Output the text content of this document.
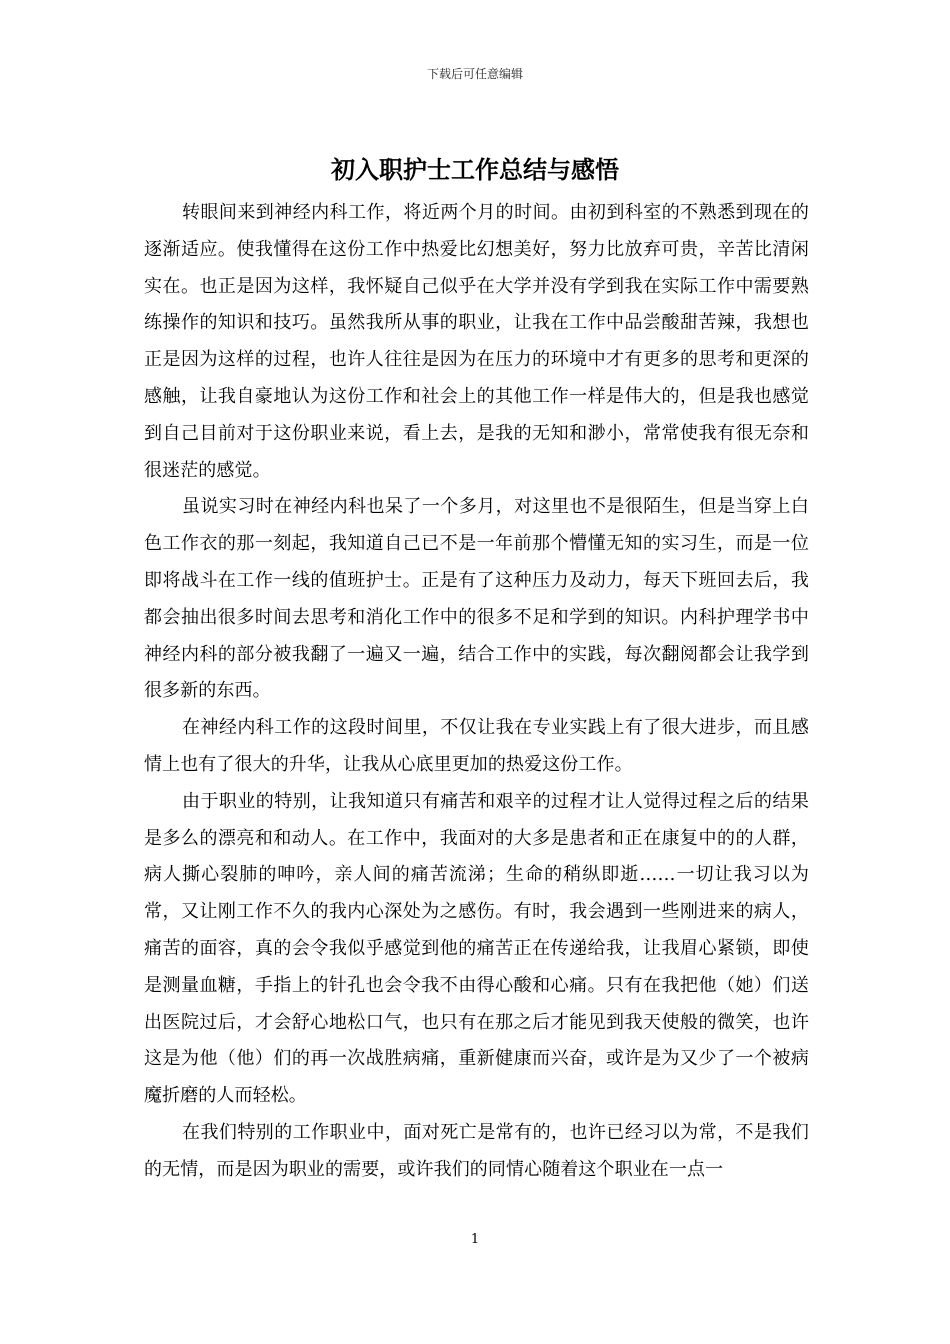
下载后可任意编辑
初入职护士工作总结与感悟

转眼间来到神经内科工作，将近两个月的时间。由初到科室的不熟悉到现在的逐渐适应。使我懂得在这份工作中热爱比幻想美好，努力比放弃可贵，辛苦比清闲实在。也正是因为这样，我怀疑自己似乎在大学并没有学到我在实际工作中需要熟练操作的知识和技巧。虽然我所从事的职业，让我在工作中品尝酸甜苦辣，我想也正是因为这样的过程，也许人往往是因为在压力的环境中才有更多的思考和更深的感触，让我自豪地认为这份工作和社会上的其他工作一样是伟大的，但是我也感觉到自己目前对于这份职业来说，看上去，是我的无知和渺小，常常使我有很无奈和很迷茫的感觉。

虽说实习时在神经内科也呆了一个多月，对这里也不是很陌生，但是当穿上白色工作衣的那一刻起，我知道自己已不是一年前那个懵懂无知的实习生，而是一位即将战斗在工作一线的值班护士。正是有了这种压力及动力，每天下班回去后，我都会抽出很多时间去思考和消化工作中的很多不足和学到的知识。内科护理学书中神经内科的部分被我翻了一遍又一遍，结合工作中的实践，每次翻阅都会让我学到很多新的东西。

在神经内科工作的这段时间里，不仅让我在专业实践上有了很大进步，而且感情上也有了很大的升华，让我从心底里更加的热爱这份工作。

由于职业的特别，让我知道只有痛苦和艰辛的过程才让人觉得过程之后的结果是多么的漂亮和和动人。在工作中，我面对的大多是患者和正在康复中的的人群，病人撕心裂肺的呻吟，亲人间的痛苦流涕；生命的稍纵即逝……一切让我习以为常，又让刚工作不久的我内心深处为之感伤。有时，我会遇到一些刚进来的病人，痛苦的面容，真的会令我似乎感觉到他的痛苦正在传递给我，让我眉心紧锁，即使是测量血糖，手指上的针孔也会令我不由得心酸和心痛。只有在我把他（她）们送出医院过后，才会舒心地松口气，也只有在那之后才能见到我天使般的微笑，也许这是为他（他）们的再一次战胜病痛，重新健康而兴奋，或许是为又少了一个被病魔折磨的人而轻松。

在我们特别的工作职业中，面对死亡是常有的，也许已经习以为常，不是我们的无情，而是因为职业的需要，或许我们的同情心随着这个职业在一点一

1
